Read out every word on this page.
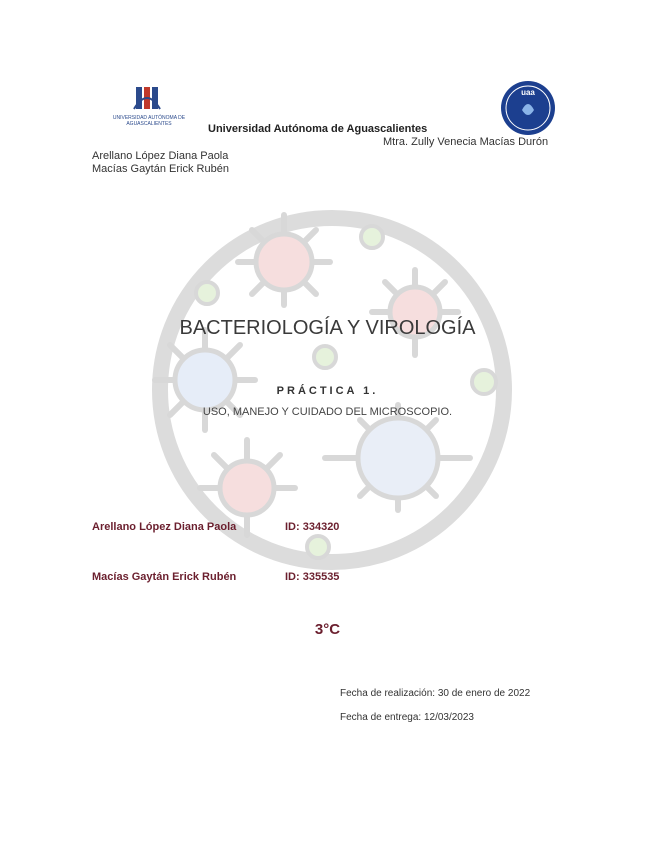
UNIVERSIDAD AUTÓNOMA DE AGUASCALIENTES
uaa
Universidad Autónoma de Aguascalientes
Mtra. Zully Venecia Macías Durón
Arellano López Diana Paola
Macías Gaytán Erick Rubén
BACTERIOLOGÍA Y VIROLOGÍA
PRÁCTICA 1.
USO, MANEJO Y CUIDADO DEL MICROSCOPIO.
Arellano López Diana Paola	ID: 334320
Macías Gaytán Erick Rubén	ID: 335535
3°C
Fecha de realización: 30 de enero de 2022
Fecha de entrega: 12/03/2023
